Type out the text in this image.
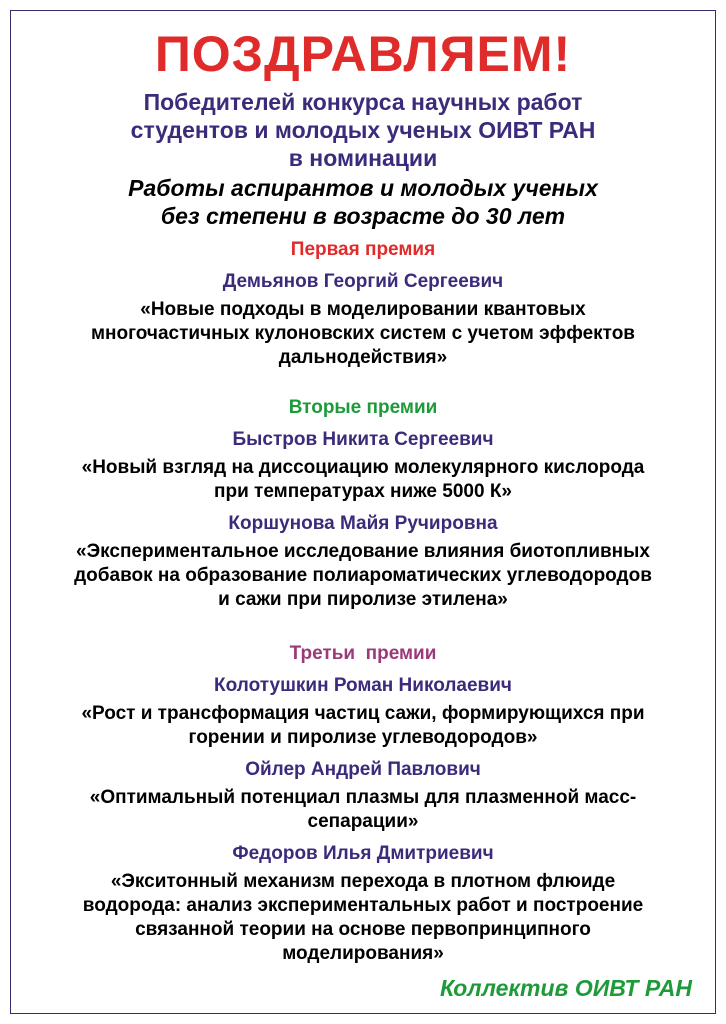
ПОЗДРАВЛЯЕМ!
Победителей конкурса научных работ
студентов и молодых ученых ОИВТ РАН
в номинации
Работы аспирантов и молодых ученых
без степени в возрасте до 30 лет
Первая премия
Демьянов Георгий Сергеевич
«Новые подходы в моделировании квантовых
многочастичных кулоновских систем с учетом эффектов
дальнодействия»
Вторые премии
Быстров Никита Сергеевич
«Новый взгляд на диссоциацию молекулярного кислорода
при температурах ниже 5000 К»
Коршунова Майя Ручировна
«Экспериментальное исследование влияния биотопливных
добавок на образование полиароматических углеводородов
и сажи при пиролизе этилена»
Третьи  премии
Колотушкин Роман Николаевич
«Рост и трансформация частиц сажи, формирующихся при
горении и пиролизе углеводородов»
Ойлер Андрей Павлович
«Оптимальный потенциал плазмы для плазменной масс-
сепарации»
Федоров Илья Дмитриевич
«Экситонный механизм перехода в плотном флюиде
водорода: анализ экспериментальных работ и построение
связанной теории на основе первопринципного
моделирования»
Коллектив ОИВТ РАН
